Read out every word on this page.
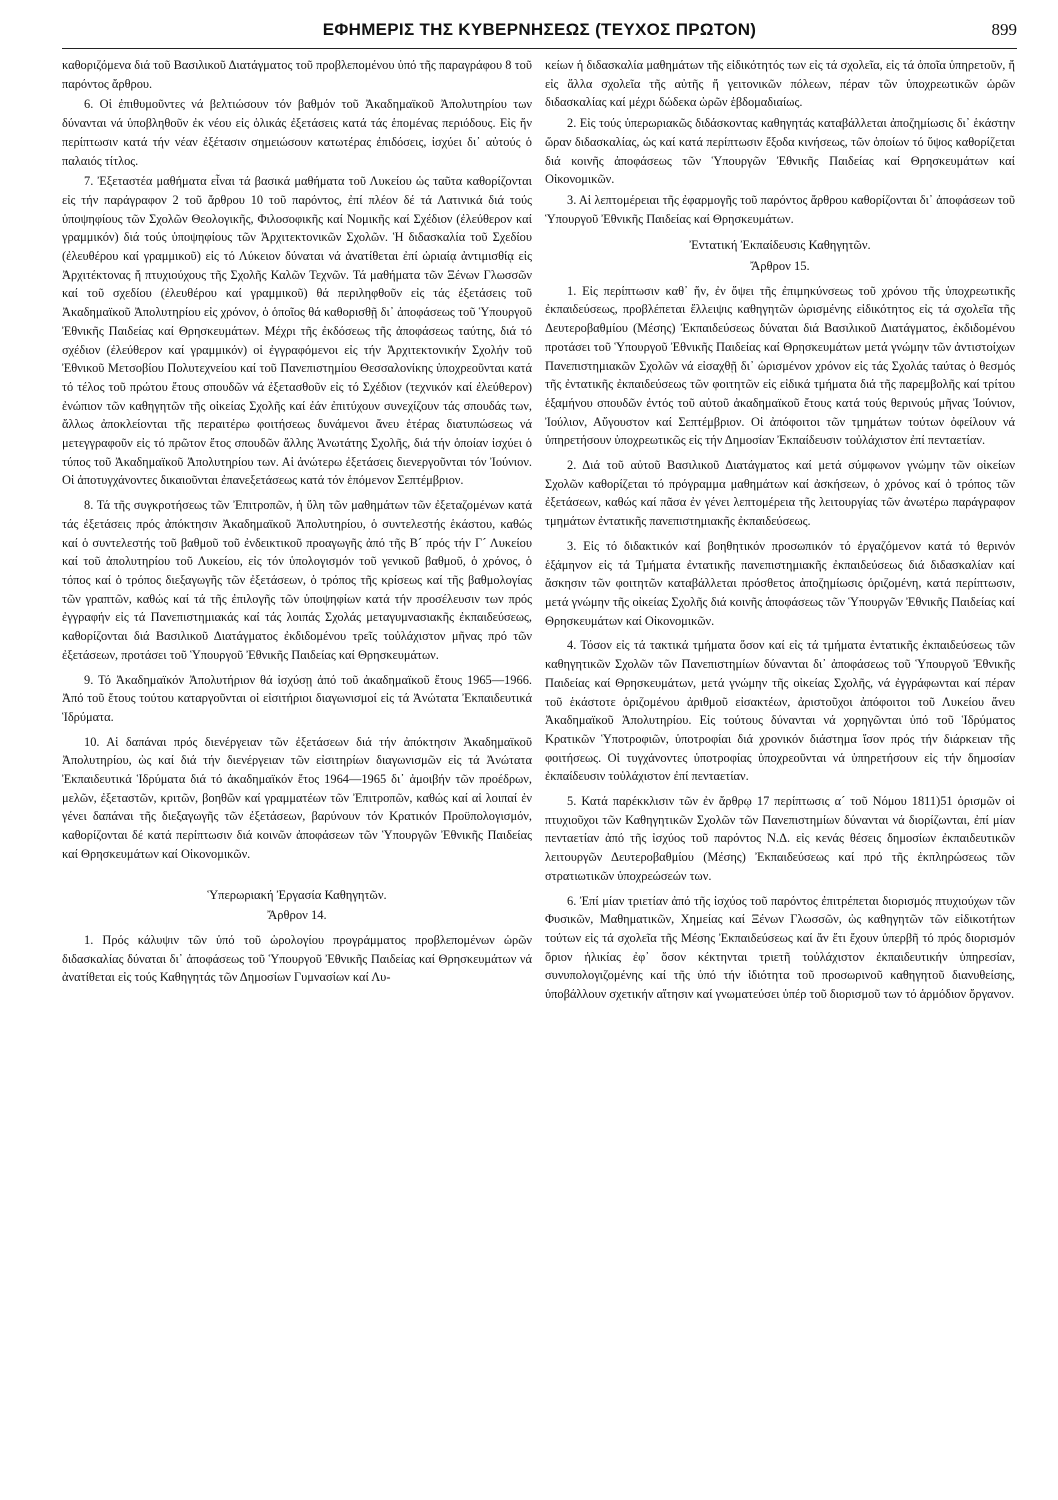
ΕΦΗΜΕΡΙΣ ΤΗΣ ΚΥΒΕΡΝΗΣΕΩΣ (ΤΕΥΧΟΣ ΠΡΩΤΟΝ)	899

καθοριζόμενα διά τοῦ Βασιλικοῦ Διατάγματος τοῦ προβλεπομένου ὑπό τῆς παραγράφου 8 τοῦ παρόντος ἄρθρου.

6. Οἱ ἐπιθυμοῦντες νά βελτιώσουν τόν βαθμόν τοῦ Ἀκαδημαϊκοῦ Ἀπολυτηρίου των δύνανται νά ὑποβληθοῦν ἐκ νέου εἰς ὁλικάς ἐξετάσεις κατά τάς ἑπομένας περιόδους. Εἰς ἥν περίπτωσιν κατά τήν νέαν ἐξέτασιν σημειώσουν κατωτέρας ἐπιδόσεις, ἰσχύει δι᾽ αὐτούς ὁ παλαιός τίτλος.

7. Ἐξεταστέα μαθήματα εἶναι τά βασικά μαθήματα τοῦ Λυκείου ὡς ταῦτα καθορίζονται εἰς τήν παράγραφον 2 τοῦ ἄρθρου 10 τοῦ παρόντος, ἐπί πλέον δέ τά Λατινικά διά τούς ὑποψηφίους τῶν Σχολῶν Θεολογικῆς, Φιλοσοφικῆς καί Νομικῆς καί Σχέδιον (ἐλεύθερον καί γραμμικόν) διά τούς ὑποψηφίους τῶν Ἀρχιτεκτονικῶν Σχολῶν. Ἡ διδασκαλία τοῦ Σχεδίου (ἐλευθέρου καί γραμμικοῦ) εἰς τό Λύκειον δύναται νά ἀνατίθεται ἐπί ὡριαίᾳ ἀντιμισθίᾳ εἰς Ἀρχιτέκτονας ἤ πτυχιούχους τῆς Σχολῆς Καλῶν Τεχνῶν. Τά μαθήματα τῶν Ξένων Γλωσσῶν καί τοῦ σχεδίου (ἐλευθέρου καί γραμμικοῦ) θά περιληφθοῦν εἰς τάς ἐξετάσεις τοῦ Ἀκαδημαϊκοῦ Ἀπολυτηρίου εἰς χρόνον, ὁ ὁποῖος θά καθορισθῇ δι᾽ ἀποφάσεως τοῦ Ὑπουργοῦ Ἐθνικῆς Παιδείας καί Θρησκευμάτων. Μέχρι τῆς ἐκδόσεως τῆς ἀποφάσεως ταύτης, διά τό σχέδιον (ἐλεύθερον καί γραμμικόν) οἱ ἐγγραφόμενοι εἰς τήν Ἀρχιτεκτονικήν Σχολήν τοῦ Ἐθνικοῦ Μετσοβίου Πολυτεχνείου καί τοῦ Πανεπιστημίου Θεσσαλονίκης ὑποχρεοῦνται κατά τό τέλος τοῦ πρώτου ἔτους σπουδῶν νά ἐξετασθοῦν εἰς τό Σχέδιον (τεχνικόν καί ἐλεύθερον) ἐνώπιον τῶν καθηγητῶν τῆς οἰκείας Σχολῆς καί ἐάν ἐπιτύχουν συνεχίζουν τάς σπουδάς των, ἄλλως ἀποκλείονται τῆς περαιτέρω φοιτήσεως δυνάμενοι ἄνευ ἑτέρας διατυπώσεως νά μετεγγραφοῦν εἰς τό πρῶτον ἔτος σπουδῶν ἄλλης Ἀνωτάτης Σχολῆς, διά τήν ὁποίαν ἰσχύει ὁ τύπος τοῦ Ἀκαδημαϊκοῦ Ἀπολυτηρίου των. Αἱ ἀνώτερω ἐξετάσεις διενεργοῦνται τόν Ἰούνιον. Οἱ ἀποτυγχάνοντες δικαιοῦνται ἐπανεξετάσεως κατά τόν ἑπόμενον Σεπτέμβριον.

8. Τά τῆς συγκροτήσεως τῶν Ἐπιτροπῶν, ἡ ὕλη τῶν μαθημάτων τῶν ἐξεταζομένων κατά τάς ἐξετάσεις πρός ἀπόκτησιν Ἀκαδημαϊκοῦ Ἀπολυτηρίου, ὁ συντελεστής ἑκάστου, καθώς καί ὁ συντελεστής τοῦ βαθμοῦ τοῦ ἐνδεικτικοῦ προαγωγῆς ἀπό τῆς Β´ πρός τήν Γ´ Λυκείου καί τοῦ ἀπολυτηρίου τοῦ Λυκείου, εἰς τόν ὑπολογισμόν τοῦ γενικοῦ βαθμοῦ, ὁ χρόνος, ὁ τόπος καί ὁ τρόπος διεξαγωγῆς τῶν ἐξετάσεων, ὁ τρόπος τῆς κρίσεως καί τῆς βαθμολογίας τῶν γραπτῶν, καθώς καί τά τῆς ἐπιλογῆς τῶν ὑποψηφίων κατά τήν προσέλευσιν των πρός ἐγγραφήν εἰς τά Πανεπιστημιακάς καί τάς λοιπάς Σχολάς μεταγυμνασιακῆς ἐκπαιδεύσεως, καθορίζονται διά Βασιλικοῦ Διατάγματος ἐκδιδομένου τρεῖς τοὐλάχιστον μῆνας πρό τῶν ἐξετάσεων, προτάσει τοῦ Ὑπουργοῦ Ἐθνικῆς Παιδείας καί Θρησκευμάτων.

9. Τό Ἀκαδημαϊκόν Ἀπολυτήριον θά ἰσχύσῃ ἀπό τοῦ ἀκαδημαϊκοῦ ἔτους 1965—1966. Ἀπό τοῦ ἔτους τούτου καταργοῦνται οἱ εἰσιτήριοι διαγωνισμοί εἰς τά Ἀνώτατα Ἐκπαιδευτικά Ἱδρύματα.

10. Αἱ δαπάναι πρός διενέργειαν τῶν ἐξετάσεων διά τήν ἀπόκτησιν Ἀκαδημαϊκοῦ Ἀπολυτηρίου, ὡς καί διά τήν διενέργειαν τῶν εἰσιτηρίων διαγωνισμῶν εἰς τά Ἀνώτατα Ἐκπαιδευτικά Ἱδρύματα διά τό ἀκαδημαϊκόν ἔτος 1964—1965 δι᾽ ἀμοιβήν τῶν προέδρων, μελῶν, ἐξεταστῶν, κριτῶν, βοηθῶν καί γραμματέων τῶν Ἐπιτροπῶν, καθώς καί αἱ λοιπαί ἐν γένει δαπάναι τῆς διεξαγωγῆς τῶν ἐξετάσεων, βαρύνουν τόν Κρατικόν Προϋπολογισμόν, καθορίζονται δέ κατά περίπτωσιν διά κοινῶν ἀποφάσεων τῶν Ὑπουργῶν Ἐθνικῆς Παιδείας καί Θρησκευμάτων καί Οἰκονομικῶν.

Ὑπερωριακή Ἐργασία Καθηγητῶν.

Ἄρθρον 14.

1. Πρός κάλυψιν τῶν ὑπό τοῦ ὡρολογίου προγράμματος προβλεπομένων ὡρῶν διδασκαλίας δύναται δι᾽ ἀποφάσεως τοῦ Ὑπουργοῦ Ἐθνικῆς Παιδείας καί Θρησκευμάτων νά ἀνατίθεται εἰς τούς Καθηγητάς τῶν Δημοσίων Γυμνασίων καί Λυ-

κείων ἡ διδασκαλία μαθημάτων τῆς εἰδικότητός των εἰς τά σχολεῖα, εἰς τά ὁποῖα ὑπηρετοῦν, ἤ εἰς ἄλλα σχολεῖα τῆς αὐτῆς ἤ γειτονικῶν πόλεων, πέραν τῶν ὑποχρεωτικῶν ὡρῶν διδασκαλίας καί μέχρι δώδεκα ὡρῶν ἑβδομαδιαίως.

2. Εἰς τούς ὑπερωριακῶς διδάσκοντας καθηγητάς καταβάλλεται ἀποζημίωσις δι᾽ ἑκάστην ὥραν διδασκαλίας, ὡς καί κατά περίπτωσιν ἔξοδα κινήσεως, τῶν ὁποίων τό ὕψος καθορίζεται διά κοινῆς ἀποφάσεως τῶν Ὑπουργῶν Ἐθνικῆς Παιδείας καί Θρησκευμάτων καί Οἰκονομικῶν.

3. Αἱ λεπτομέρειαι τῆς ἐφαρμογῆς τοῦ παρόντος ἄρθρου καθορίζονται δι᾽ ἀποφάσεων τοῦ Ὑπουργοῦ Ἐθνικῆς Παιδείας καί Θρησκευμάτων.

Ἐντατική Ἐκπαίδευσις Καθηγητῶν.

Ἄρθρον 15.

1. Εἰς περίπτωσιν καθ᾽ ἥν, ἐν ὄψει τῆς ἐπιμηκύνσεως τοῦ χρόνου τῆς ὑποχρεωτικῆς ἐκπαιδεύσεως, προβλέπεται ἔλλειψις καθηγητῶν ὡρισμένης εἰδικότητος εἰς τά σχολεῖα τῆς Δευτεροβαθμίου (Μέσης) Ἐκπαιδεύσεως δύναται διά Βασιλικοῦ Διατάγματος, ἐκδιδομένου προτάσει τοῦ Ὑπουργοῦ Ἐθνικῆς Παιδείας καί Θρησκευμάτων μετά γνώμην τῶν ἀντιστοίχων Πανεπιστημιακῶν Σχολῶν νά εἰσαχθῇ δι᾽ ὡρισμένον χρόνον εἰς τάς Σχολάς ταύτας ὁ θεσμός τῆς ἐντατικῆς ἐκπαιδεύσεως τῶν φοιτητῶν εἰς εἰδικά τμήματα διά τῆς παρεμβολῆς καί τρίτου ἑξαμήνου σπουδῶν ἐντός τοῦ αὐτοῦ ἀκαδημαϊκοῦ ἔτους κατά τούς θερινούς μῆνας Ἰούνιον, Ἰούλιον, Αὔγουστον καί Σεπτέμβριον. Οἱ ἀπόφοιτοι τῶν τμημάτων τούτων ὀφείλουν νά ὑπηρετήσουν ὑποχρεωτικῶς εἰς τήν Δημοσίαν Ἐκπαίδευσιν τοὐλάχιστον ἐπί πενταετίαν.

2. Διά τοῦ αὐτοῦ Βασιλικοῦ Διατάγματος καί μετά σύμφωνον γνώμην τῶν οἰκείων Σχολῶν καθορίζεται τό πρόγραμμα μαθημάτων καί ἀσκήσεων, ὁ χρόνος καί ὁ τρόπος τῶν ἐξετάσεων, καθώς καί πᾶσα ἐν γένει λεπτομέρεια τῆς λειτουργίας τῶν ἀνωτέρω παράγραφον τμημάτων ἐντατικῆς πανεπιστημιακῆς ἐκπαιδεύσεως.

3. Εἰς τό διδακτικόν καί βοηθητικόν προσωπικόν τό ἐργαζόμενον κατά τό θερινόν ἑξάμηνον εἰς τά Τμήματα ἐντατικῆς πανεπιστημιακῆς ἐκπαιδεύσεως διά διδασκαλίαν καί ἄσκησιν τῶν φοιτητῶν καταβάλλεται πρόσθετος ἀποζημίωσις ὁριζομένη, κατά περίπτωσιν, μετά γνώμην τῆς οἰκείας Σχολῆς διά κοινῆς ἀποφάσεως τῶν Ὑπουργῶν Ἐθνικῆς Παιδείας καί Θρησκευμάτων καί Οἰκονομικῶν.

4. Τόσον εἰς τά τακτικά τμήματα ὅσον καί εἰς τά τμήματα ἐντατικῆς ἐκπαιδεύσεως τῶν καθηγητικῶν Σχολῶν τῶν Πανεπιστημίων δύνανται δι᾽ ἀποφάσεως τοῦ Ὑπουργοῦ Ἐθνικῆς Παιδείας καί Θρησκευμάτων, μετά γνώμην τῆς οἰκείας Σχολῆς, νά ἐγγράφωνται καί πέραν τοῦ ἑκάστοτε ὁριζομένου ἀριθμοῦ εἰσακτέων, ἀριστοῦχοι ἀπόφοιτοι τοῦ Λυκείου ἄνευ Ἀκαδημαϊκοῦ Ἀπολυτηρίου. Εἰς τούτους δύνανται νά χορηγῶνται ὑπό τοῦ Ἱδρύματος Κρατικῶν Ὑποτροφιῶν, ὑποτροφίαι διά χρονικόν διάστημα ἴσον πρός τήν διάρκειαν τῆς φοιτήσεως. Οἱ τυγχάνοντες ὑποτροφίας ὑποχρεοῦνται νά ὑπηρετήσουν εἰς τήν δημοσίαν ἐκπαίδευσιν τοὐλάχιστον ἐπί πενταετίαν.

5. Κατά παρέκκλισιν τῶν ἐν ἄρθρῳ 17 περίπτωσις α´ τοῦ Νόμου 1811)51 ὁρισμῶν οἱ πτυχιοῦχοι τῶν Καθηγητικῶν Σχολῶν τῶν Πανεπιστημίων δύνανται νά διορίζωνται, ἐπί μίαν πενταετίαν ἀπό τῆς ἰσχύος τοῦ παρόντος Ν.Δ. εἰς κενάς θέσεις δημοσίων ἐκπαιδευτικῶν λειτουργῶν Δευτεροβαθμίου (Μέσης) Ἐκπαιδεύσεως καί πρό τῆς ἐκπληρώσεως τῶν στρατιωτικῶν ὑποχρεώσεών των.

6. Ἐπί μίαν τριετίαν ἀπό τῆς ἰσχύος τοῦ παρόντος ἐπιτρέπεται διορισμός πτυχιούχων τῶν Φυσικῶν, Μαθηματικῶν, Χημείας καί Ξένων Γλωσσῶν, ὡς καθηγητῶν τῶν εἰδικοτήτων τούτων εἰς τά σχολεῖα τῆς Μέσης Ἐκπαιδεύσεως καί ἄν ἔτι ἔχουν ὑπερβῆ τό πρός διορισμόν ὅριον ἡλικίας ἐφ᾽ ὅσον κέκτηνται τριετῆ τοὐλάχιστον ἐκπαιδευτικήν ὑπηρεσίαν, συνυπολογιζομένης καί τῆς ὑπό τήν ἰδιότητα τοῦ προσωρινοῦ καθηγητοῦ διανυθείσης, ὑποβάλλουν σχετικήν αἴτησιν καί γνωματεύσει ὑπέρ τοῦ διορισμοῦ των τό ἁρμόδιον ὄργανον.
